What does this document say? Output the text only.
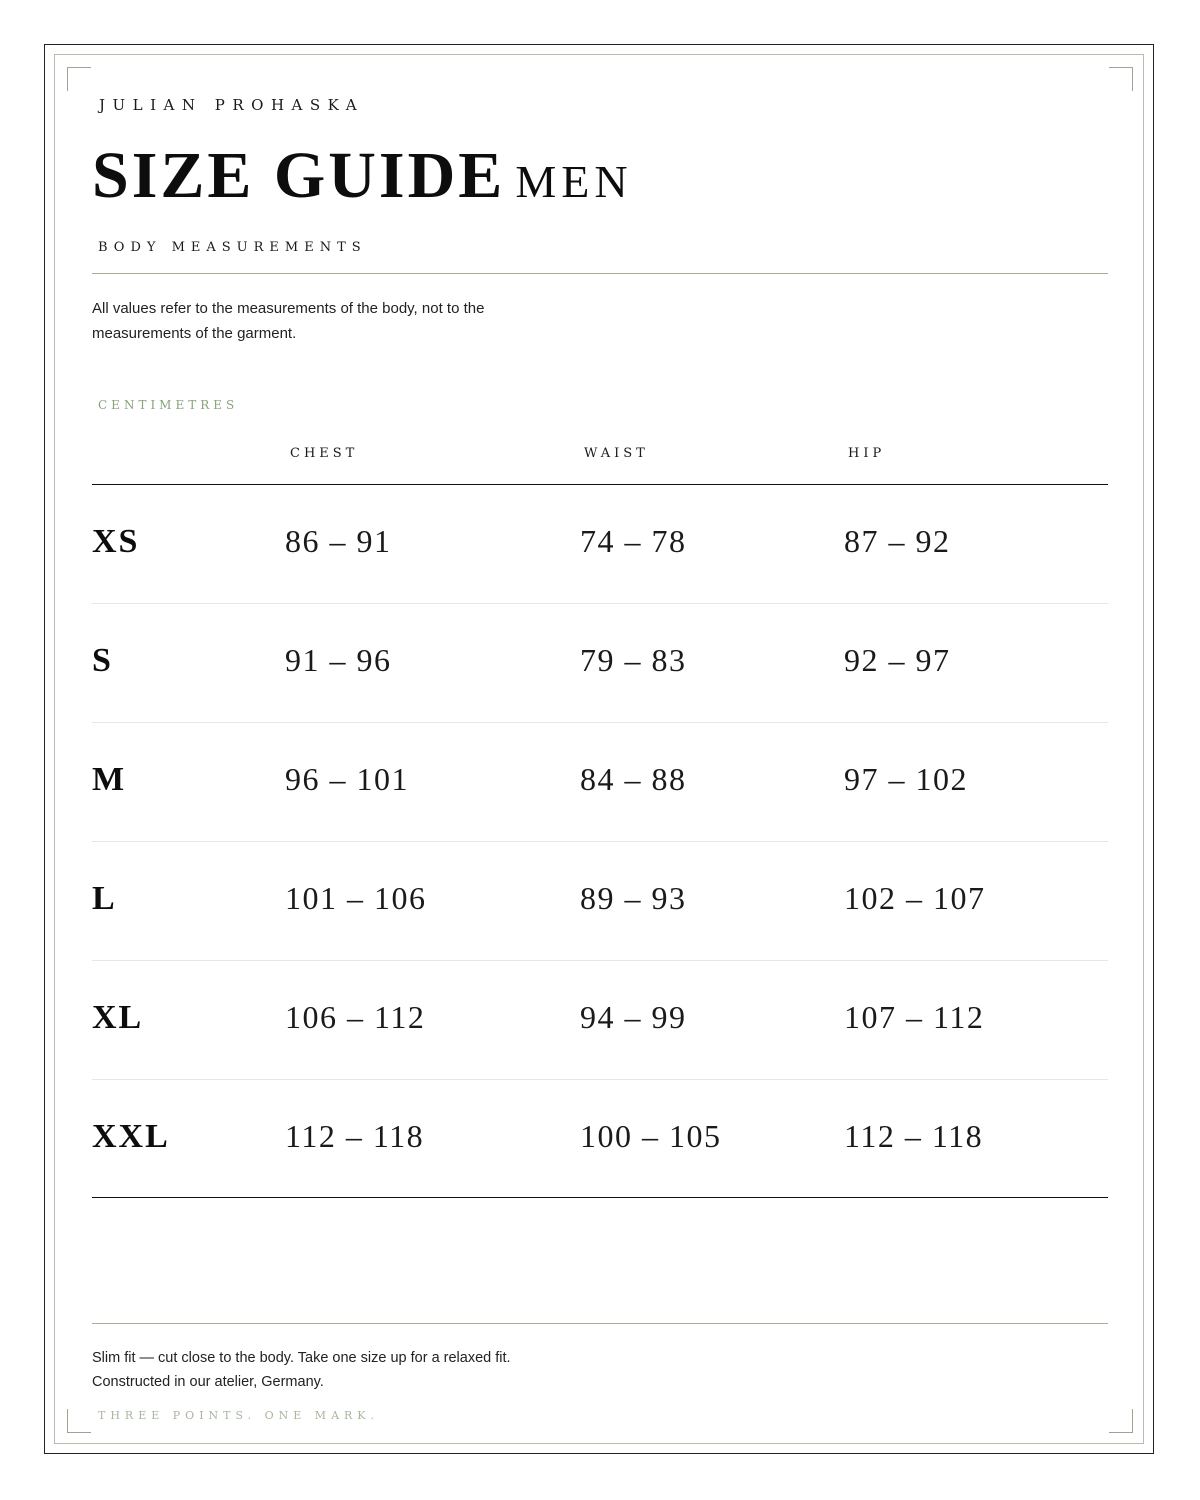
JULIAN PROHASKA
SIZE GUIDE MEN
BODY MEASUREMENTS
All values refer to the measurements of the body, not to the
measurements of the garment.
CENTIMETRES
CHEST	WAIST	HIP
XS	86 – 91	74 – 78	87 – 92
S	91 – 96	79 – 83	92 – 97
M	96 – 101	84 – 88	97 – 102
L	101 – 106	89 – 93	102 – 107
XL	106 – 112	94 – 99	107 – 112
XXL	112 – 118	100 – 105	112 – 118
Slim fit — cut close to the body. Take one size up for a relaxed fit.
Constructed in our atelier, Germany.
THREE POINTS. ONE MARK.
